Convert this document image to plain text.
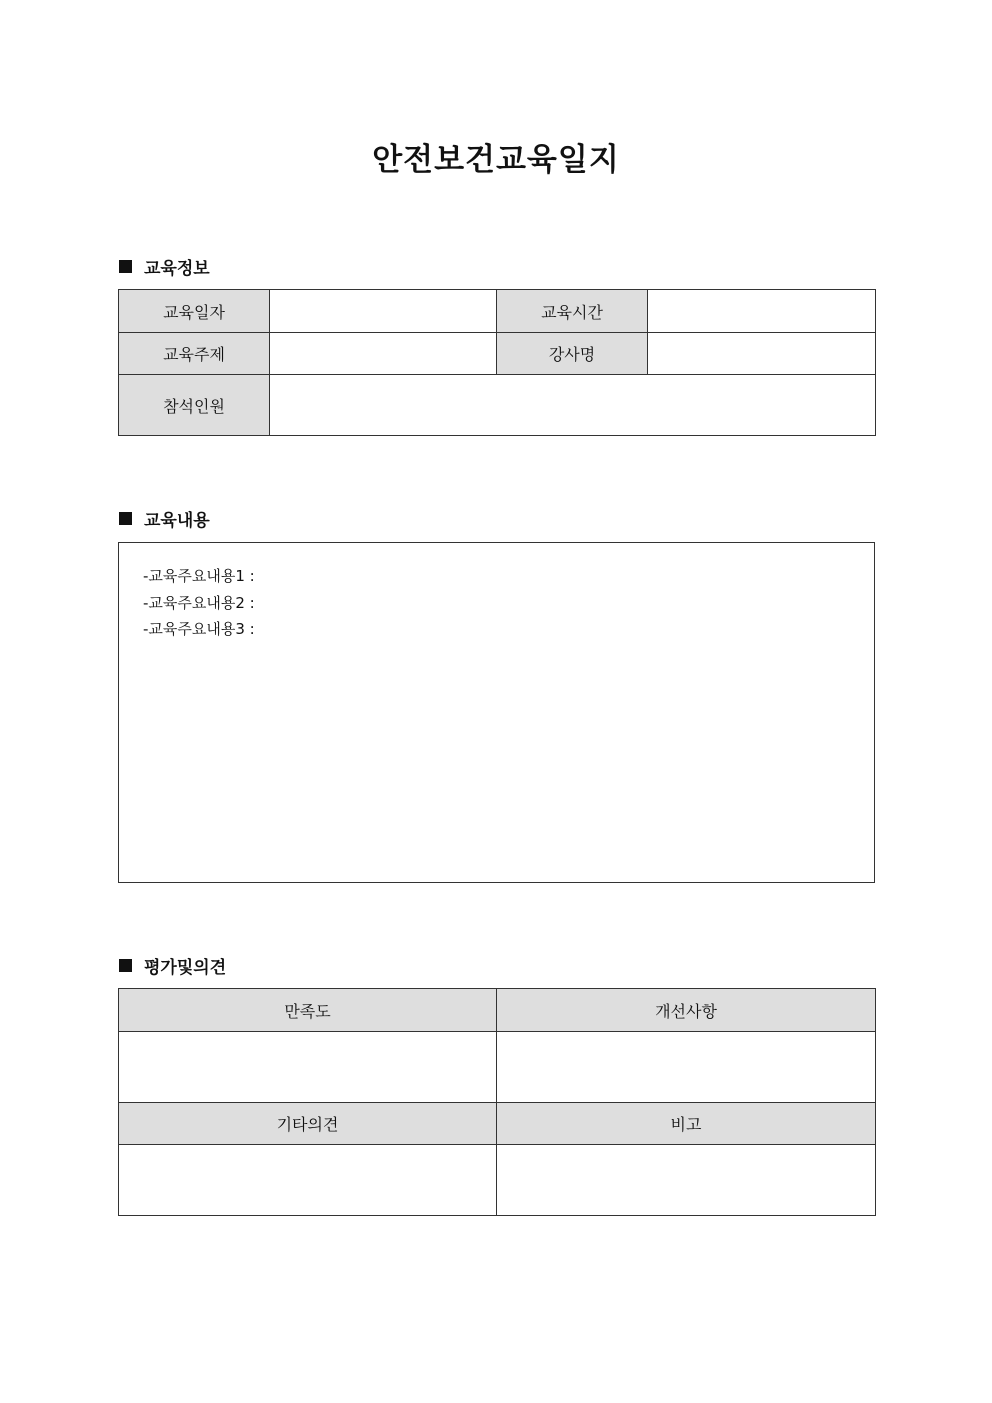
안전보건교육일지
교육정보
교육일자		교육시간	
교육주제		강사명	
참석인원			
교육내용
-교육주요내용1 :
-교육주요내용2 :
-교육주요내용3 :
평가및의견
만족도	개선사항

기타의견	비고
